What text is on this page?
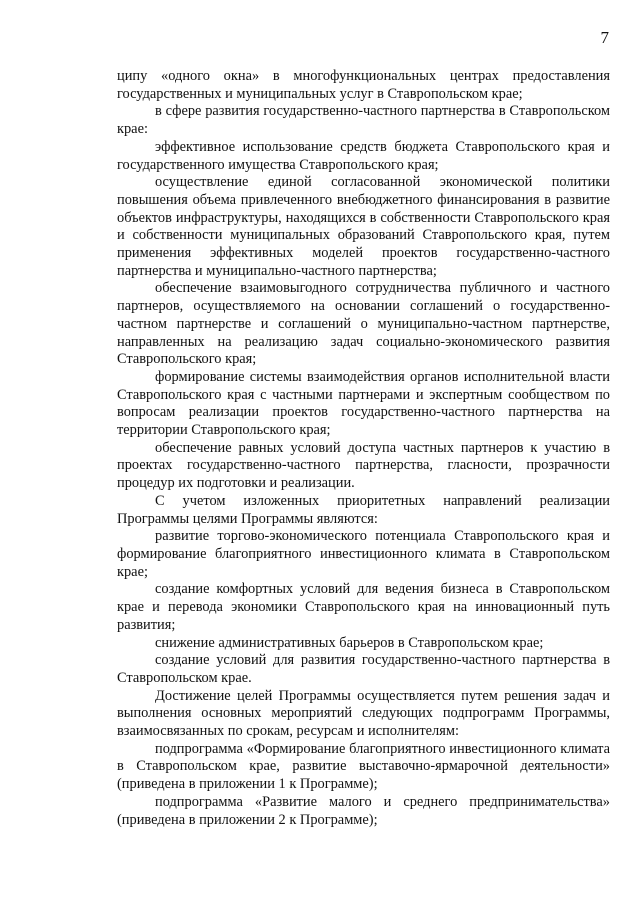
7

ципу «одного окна» в многофункциональных центрах предоставления государственных и муниципальных услуг в Ставропольском крае;

в сфере развития государственно-частного партнерства в Ставропольском крае:

эффективное использование средств бюджета Ставропольского края и государственного имущества Ставропольского края;

осуществление единой согласованной экономической политики повышения объема привлеченного внебюджетного финансирования в развитие объектов инфраструктуры, находящихся в собственности Ставропольского края и собственности муниципальных образований Ставропольского края, путем применения эффективных моделей проектов государственно-частного партнерства и муниципально-частного партнерства;

обеспечение взаимовыгодного сотрудничества публичного и частного партнеров, осуществляемого на основании соглашений о государственно-частном партнерстве и соглашений о муниципально-частном партнерстве, направленных на реализацию задач социально-экономического развития Ставропольского края;

формирование системы взаимодействия органов исполнительной власти Ставропольского края с частными партнерами и экспертным сообществом по вопросам реализации проектов государственно-частного партнерства на территории Ставропольского края;

обеспечение равных условий доступа частных партнеров к участию в проектах государственно-частного партнерства, гласности, прозрачности процедур их подготовки и реализации.

С учетом изложенных приоритетных направлений реализации Программы целями Программы являются:

развитие торгово-экономического потенциала Ставропольского края и формирование благоприятного инвестиционного климата в Ставропольском крае;

создание комфортных условий для ведения бизнеса в Ставропольском крае и перевода экономики Ставропольского края на инновационный путь развития;

снижение административных барьеров в Ставропольском крае;

создание условий для развития государственно-частного партнерства в Ставропольском крае.

Достижение целей Программы осуществляется путем решения задач и выполнения основных мероприятий следующих подпрограмм Программы, взаимосвязанных по срокам, ресурсам и исполнителям:

подпрограмма «Формирование благоприятного инвестиционного климата в Ставропольском крае, развитие выставочно-ярмарочной деятельности» (приведена в приложении 1 к Программе);

подпрограмма «Развитие малого и среднего предпринимательства» (приведена в приложении 2 к Программе);
